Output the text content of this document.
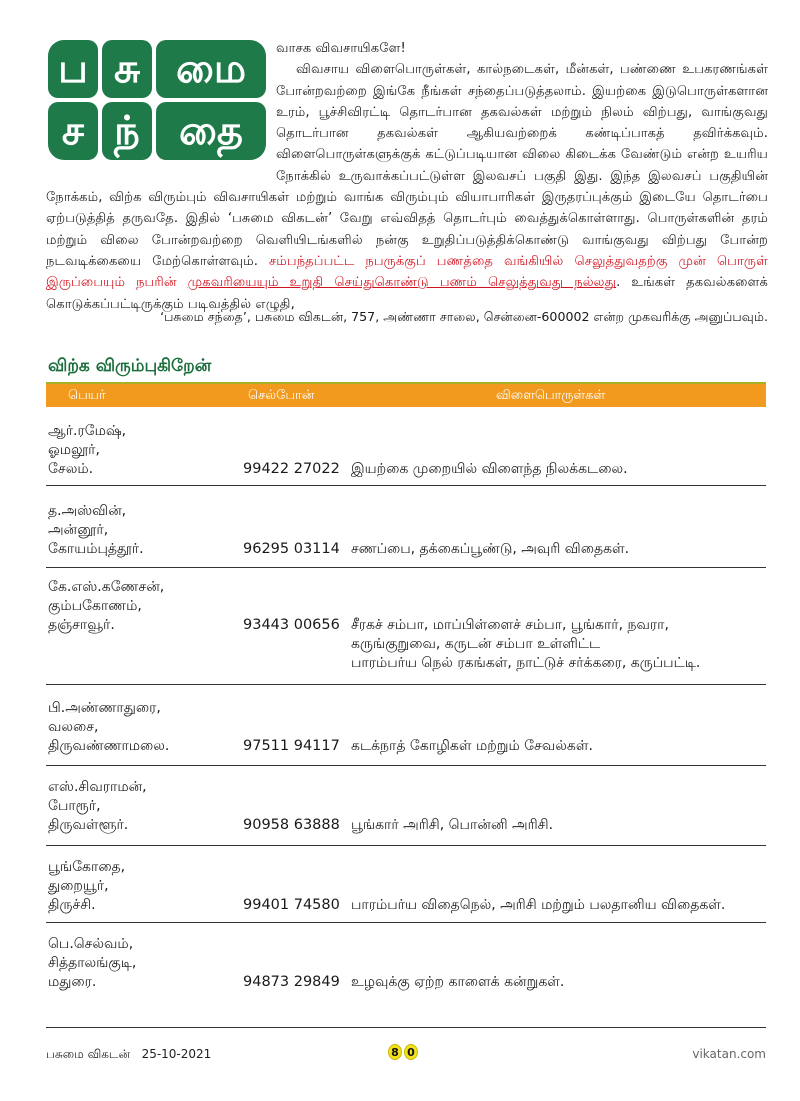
ப சு மை
ச ந் தை
வாசக விவசாயிகளே!
விவசாய விளைபொருள்கள், கால்நடைகள், மீன்கள், பண்ணை உபகரணங்கள் போன்றவற்றை இங்கே நீங்கள் சந்தைப்படுத்தலாம். இயற்கை இடுபொருள்களான உரம், பூச்சிவிரட்டி தொடர்பான தகவல்கள் மற்றும் நிலம் விற்பது, வாங்குவது தொடர்பான தகவல்கள் ஆகியவற்றைக் கண்டிப்பாகத் தவிர்க்கவும். விளைபொருள்களுக்குக் கட்டுப்படியான விலை கிடைக்க வேண்டும் என்ற உயரிய நோக்கில் உருவாக்கப்பட்டுள்ள இலவசப் பகுதி இது. இந்த இலவசப் பகுதியின் நோக்கம், விற்க விரும்பும் விவசாயிகள் மற்றும் வாங்க விரும்பும் வியாபாரிகள் இருதரப்புக்கும் இடையே தொடர்பை ஏற்படுத்தித் தருவதே. இதில் ‘பசுமை விகடன்’ வேறு எவ்விதத் தொடர்பும் வைத்துக்கொள்ளாது. பொருள்களின் தரம் மற்றும் விலை போன்றவற்றை வெளியிடங்களில் நன்கு உறுதிப்படுத்திக்கொண்டு வாங்குவது விற்பது போன்ற நடவடிக்கையை மேற்கொள்ளவும். சம்பந்தப்பட்ட நபருக்குப் பணத்தை வங்கியில் செலுத்துவதற்கு முன் பொருள் இருப்பையும் நபரின் முகவரியையும் உறுதி செய்துகொண்டு பணம் செலுத்துவது நல்லது. உங்கள் தகவல்களைக் கொடுக்கப்பட்டிருக்கும் படிவத்தில் எழுதி,
‘பசுமை சந்தை’, பசுமை விகடன், 757, அண்ணா சாலை, சென்னை-600002 என்ற முகவரிக்கு அனுப்பவும்.
விற்க விரும்புகிறேன்
பெயர்	செல்போன்	விளைபொருள்கள்
ஆர்.ரமேஷ்,
ஓமலூர்,
சேலம்.	99422 27022 இயற்கை முறையில் விளைந்த நிலக்கடலை.
த.அஸ்வின்,
அன்னூர்,
கோயம்புத்தூர்.	96295 03114 சணப்பை, தக்கைப்பூண்டு, அவுரி விதைகள்.
கே.எஸ்.கணேசன்,
கும்பகோணம்,
தஞ்சாவூர்.	93443 00656 சீரகச் சம்பா, மாப்பிள்ளைச் சம்பா, பூங்கார், நவரா,
கருங்குறுவை, கருடன் சம்பா உள்ளிட்ட
பாரம்பர்ய நெல் ரகங்கள், நாட்டுச் சர்க்கரை, கருப்பட்டி.
பி.அண்ணாதுரை,
வலசை,
திருவண்ணாமலை.	97511 94117 கடக்நாத் கோழிகள் மற்றும் சேவல்கள்.
எஸ்.சிவராமன்,
போரூர்,
திருவள்ளூர்.	90958 63888 பூங்கார் அரிசி, பொன்னி அரிசி.
பூங்கோதை,
துறையூர்,
திருச்சி.	99401 74580 பாரம்பர்ய விதைநெல், அரிசி மற்றும் பலதானிய விதைகள்.
பெ.செல்வம்,
சித்தாலங்குடி,
மதுரை.	94873 29849 உழவுக்கு ஏற்ற காளைக் கன்றுகள்.
பசுமை விகடன் 25-10-2021	8 0	vikatan.com
